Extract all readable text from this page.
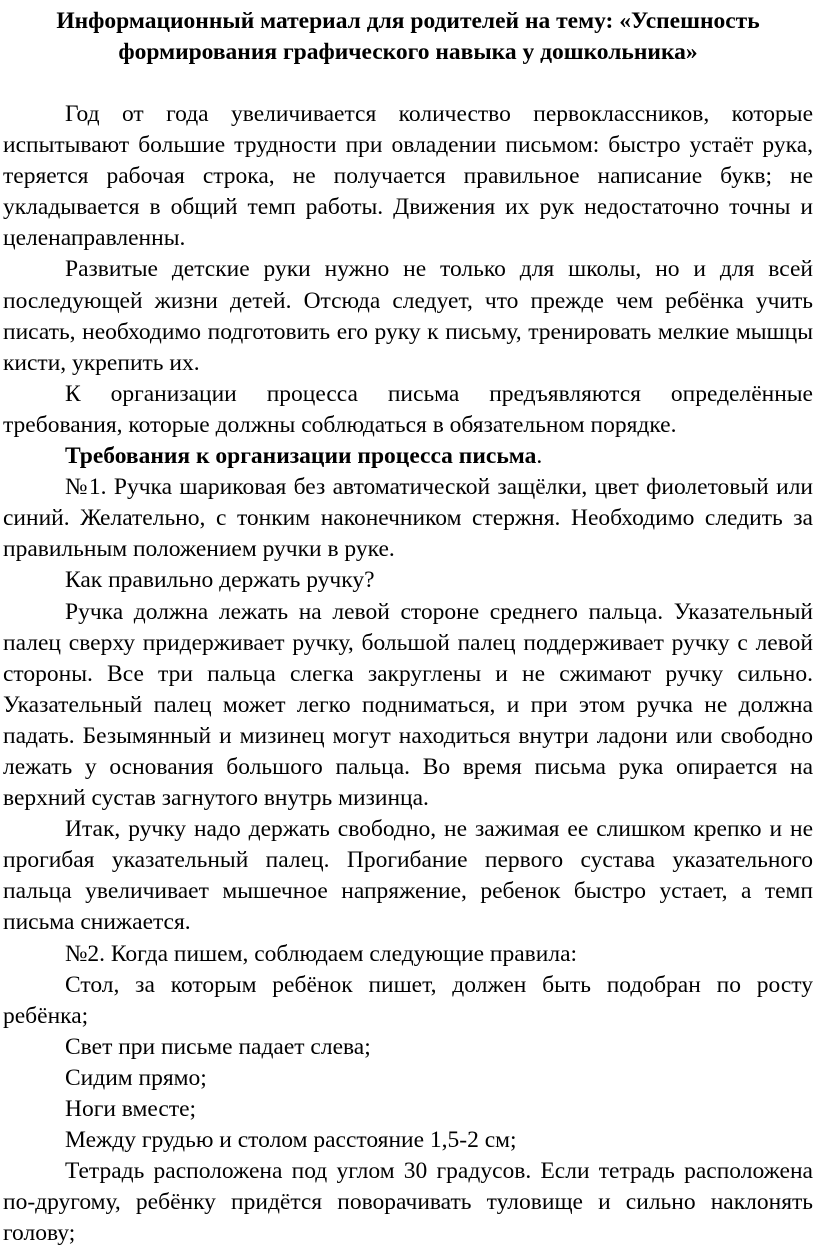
Информационный материал для родителей на тему: «Успешность
формирования графического навыка у дошкольника»

Год от года увеличивается количество первоклассников, которые испытывают большие трудности при овладении письмом: быстро устаёт рука, теряется рабочая строка, не получается правильное написание букв; не укладывается в общий темп работы. Движения их рук недостаточно точны и целенаправленны.

Развитые детские руки нужно не только для школы, но и для всей последующей жизни детей. Отсюда следует, что прежде чем ребёнка учить писать, необходимо подготовить его руку к письму, тренировать мелкие мышцы кисти, укрепить их.

К организации процесса письма предъявляются определённые требования, которые должны соблюдаться в обязательном порядке.

Требования к организации процесса письма.

№1. Ручка шариковая без автоматической защёлки, цвет фиолетовый или синий. Желательно, с тонким наконечником стержня. Необходимо следить за правильным положением ручки в руке.

Как правильно держать ручку?

Ручка должна лежать на левой стороне среднего пальца. Указательный палец сверху придерживает ручку, большой палец поддерживает ручку с левой стороны. Все три пальца слегка закруглены и не сжимают ручку сильно. Указательный палец может легко подниматься, и при этом ручка не должна падать. Безымянный и мизинец могут находиться внутри ладони или свободно лежать у основания большого пальца. Во время письма рука опирается на верхний сустав загнутого внутрь мизинца.

Итак, ручку надо держать свободно, не зажимая ее слишком крепко и не прогибая указательный палец. Прогибание первого сустава указательного пальца увеличивает мышечное напряжение, ребенок быстро устает, а темп письма снижается.

№2. Когда пишем, соблюдаем следующие правила:

Стол, за которым ребёнок пишет, должен быть подобран по росту ребёнка;

Свет при письме падает слева;

Сидим прямо;

Ноги вместе;

Между грудью и столом расстояние 1,5-2 см;

Тетрадь расположена под углом 30 градусов. Если тетрадь расположена по-другому, ребёнку придётся поворачивать туловище и сильно наклонять голову;
